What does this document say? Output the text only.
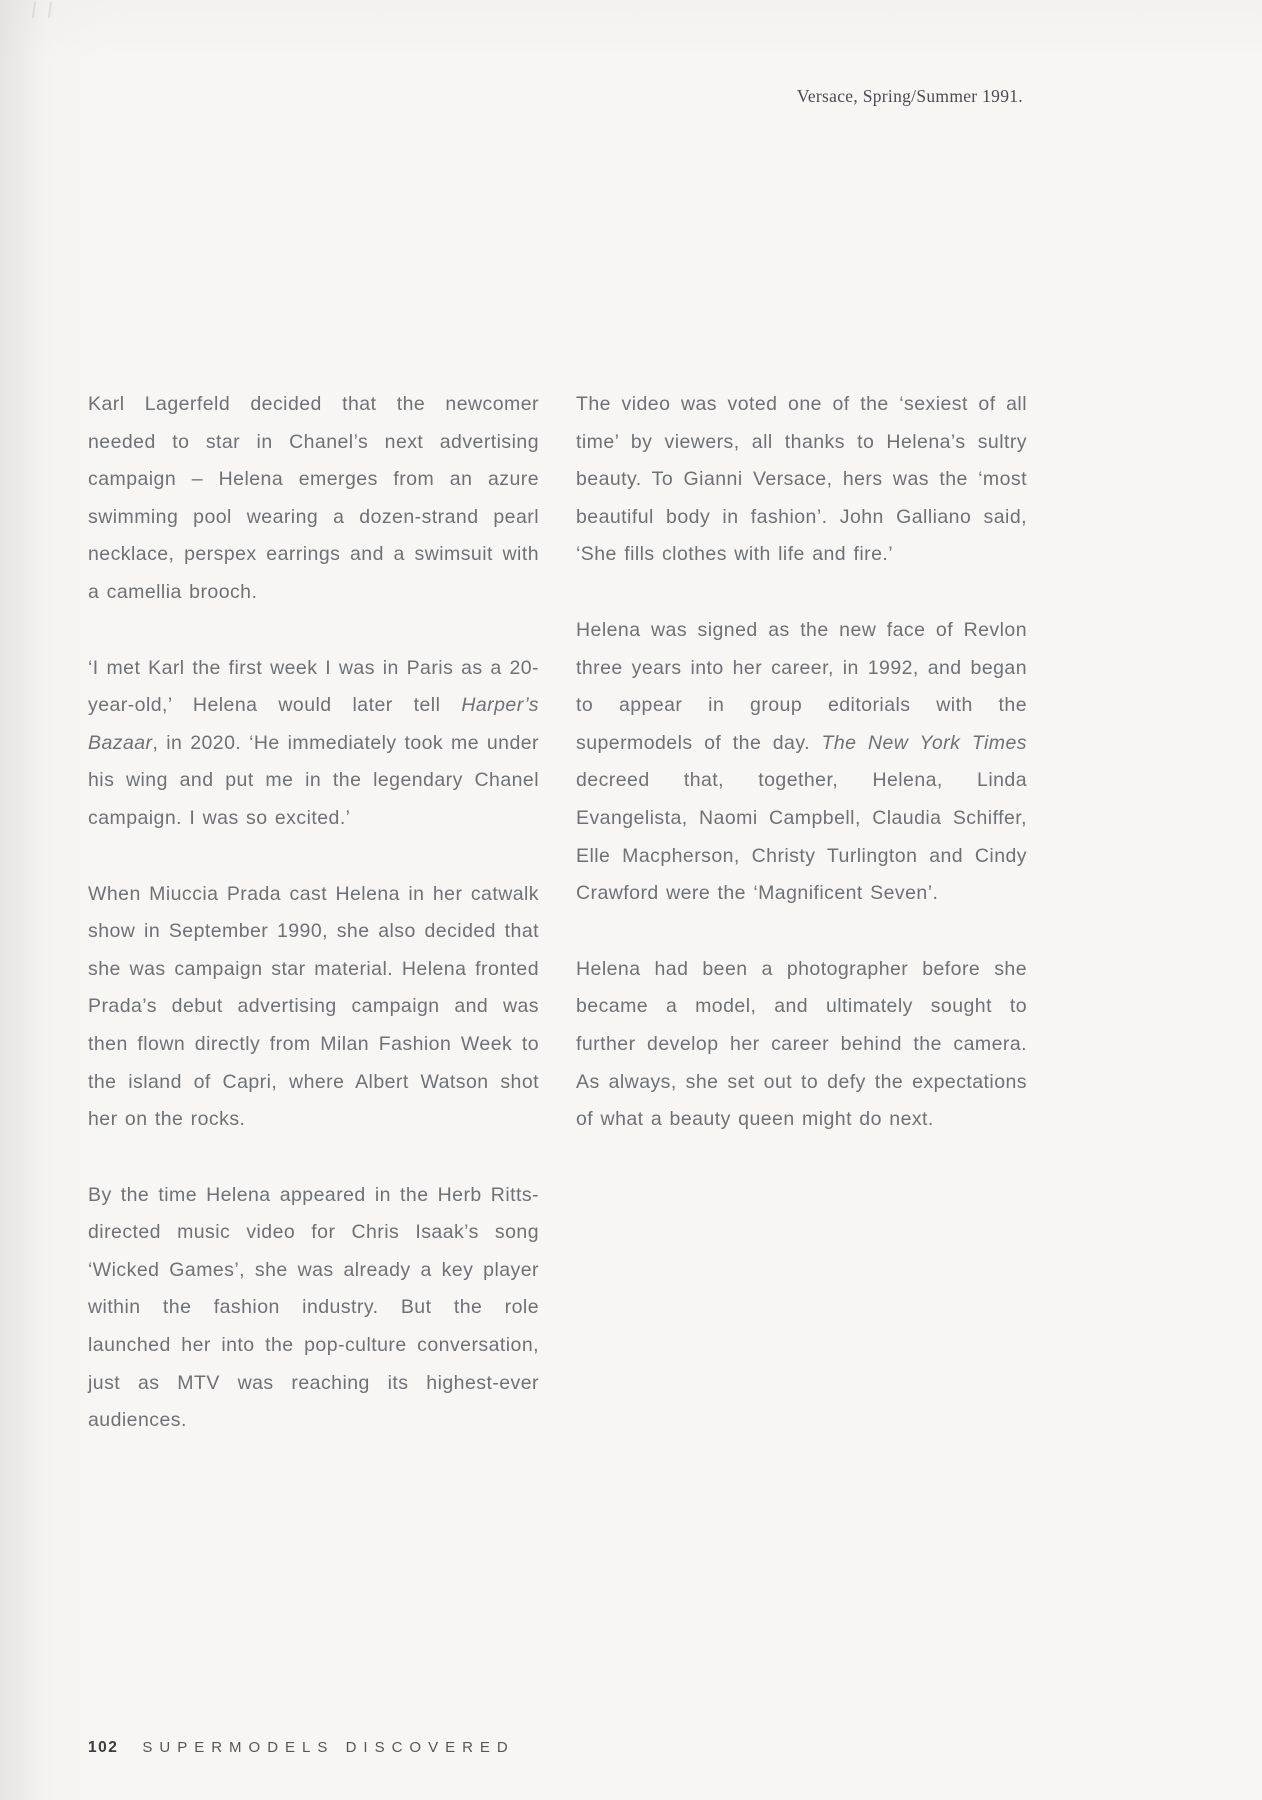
Versace, Spring/Summer 1991.

Karl Lagerfeld decided that the newcomer needed to star in Chanel’s next advertising campaign – Helena emerges from an azure swimming pool wearing a dozen-strand pearl necklace, perspex earrings and a swimsuit with a camellia brooch.

‘I met Karl the first week I was in Paris as a 20-year-old,’ Helena would later tell Harper’s Bazaar, in 2020. ‘He immediately took me under his wing and put me in the legendary Chanel campaign. I was so excited.’

When Miuccia Prada cast Helena in her catwalk show in September 1990, she also decided that she was campaign star material. Helena fronted Prada’s debut advertising campaign and was then flown directly from Milan Fashion Week to the island of Capri, where Albert Watson shot her on the rocks.

By the time Helena appeared in the Herb Ritts-directed music video for Chris Isaak’s song ‘Wicked Games’, she was already a key player within the fashion industry. But the role launched her into the pop-culture conversation, just as MTV was reaching its highest-ever audiences.

The video was voted one of the ‘sexiest of all time’ by viewers, all thanks to Helena’s sultry beauty. To Gianni Versace, hers was the ‘most beautiful body in fashion’. John Galliano said, ‘She fills clothes with life and fire.’

Helena was signed as the new face of Revlon three years into her career, in 1992, and began to appear in group editorials with the supermodels of the day. The New York Times decreed that, together, Helena, Linda Evangelista, Naomi Campbell, Claudia Schiffer, Elle Macpherson, Christy Turlington and Cindy Crawford were the ‘Magnificent Seven’.

Helena had been a photographer before she became a model, and ultimately sought to further develop her career behind the camera. As always, she set out to defy the expectations of what a beauty queen might do next.

102 SUPERMODELS DISCOVERED
